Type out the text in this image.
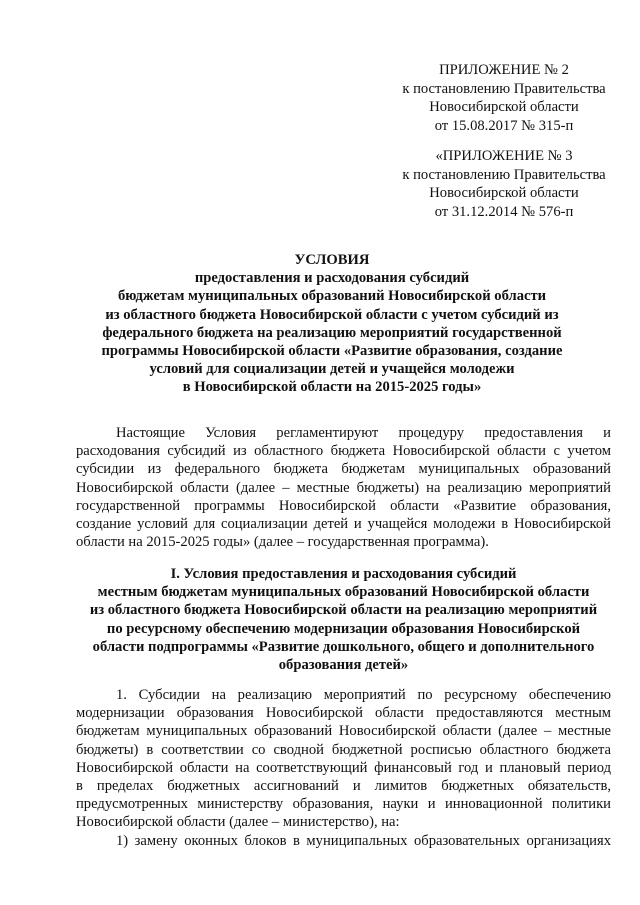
ПРИЛОЖЕНИЕ № 2
к постановлению Правительства
Новосибирской области
от 15.08.2017 № 315-п
«ПРИЛОЖЕНИЕ № 3
к постановлению Правительства
Новосибирской области
от 31.12.2014 № 576-п
УСЛОВИЯ
предоставления и расходования субсидий
бюджетам муниципальных образований Новосибирской области
из областного бюджета Новосибирской области с учетом субсидий из
федерального бюджета на реализацию мероприятий государственной
программы Новосибирской области «Развитие образования, создание
условий для социализации детей и учащейся молодежи
в Новосибирской области на 2015-2025 годы»
Настоящие Условия регламентируют процедуру предоставления и
расходования субсидий из областного бюджета Новосибирской области с учетом
субсидии из федерального бюджета бюджетам муниципальных образований
Новосибирской области (далее – местные бюджеты) на реализацию мероприятий
государственной программы Новосибирской области «Развитие образования,
создание условий для социализации детей и учащейся молодежи в Новосибирской
области на 2015-2025 годы» (далее – государственная программа).
I. Условия предоставления и расходования субсидий
местным бюджетам муниципальных образований Новосибирской области
из областного бюджета Новосибирской области на реализацию мероприятий
по ресурсному обеспечению модернизации образования Новосибирской
области подпрограммы «Развитие дошкольного, общего и дополнительного
образования детей»
1. Субсидии на реализацию мероприятий по ресурсному обеспечению
модернизации образования Новосибирской области предоставляются местным
бюджетам муниципальных образований Новосибирской области (далее – местные
бюджеты) в соответствии со сводной бюджетной росписью областного бюджета
Новосибирской области на соответствующий финансовый год и плановый период
в пределах бюджетных ассигнований и лимитов бюджетных обязательств,
предусмотренных министерству образования, науки и инновационной политики
Новосибирской области (далее – министерство), на:
1) замену оконных блоков в муниципальных образовательных организациях
